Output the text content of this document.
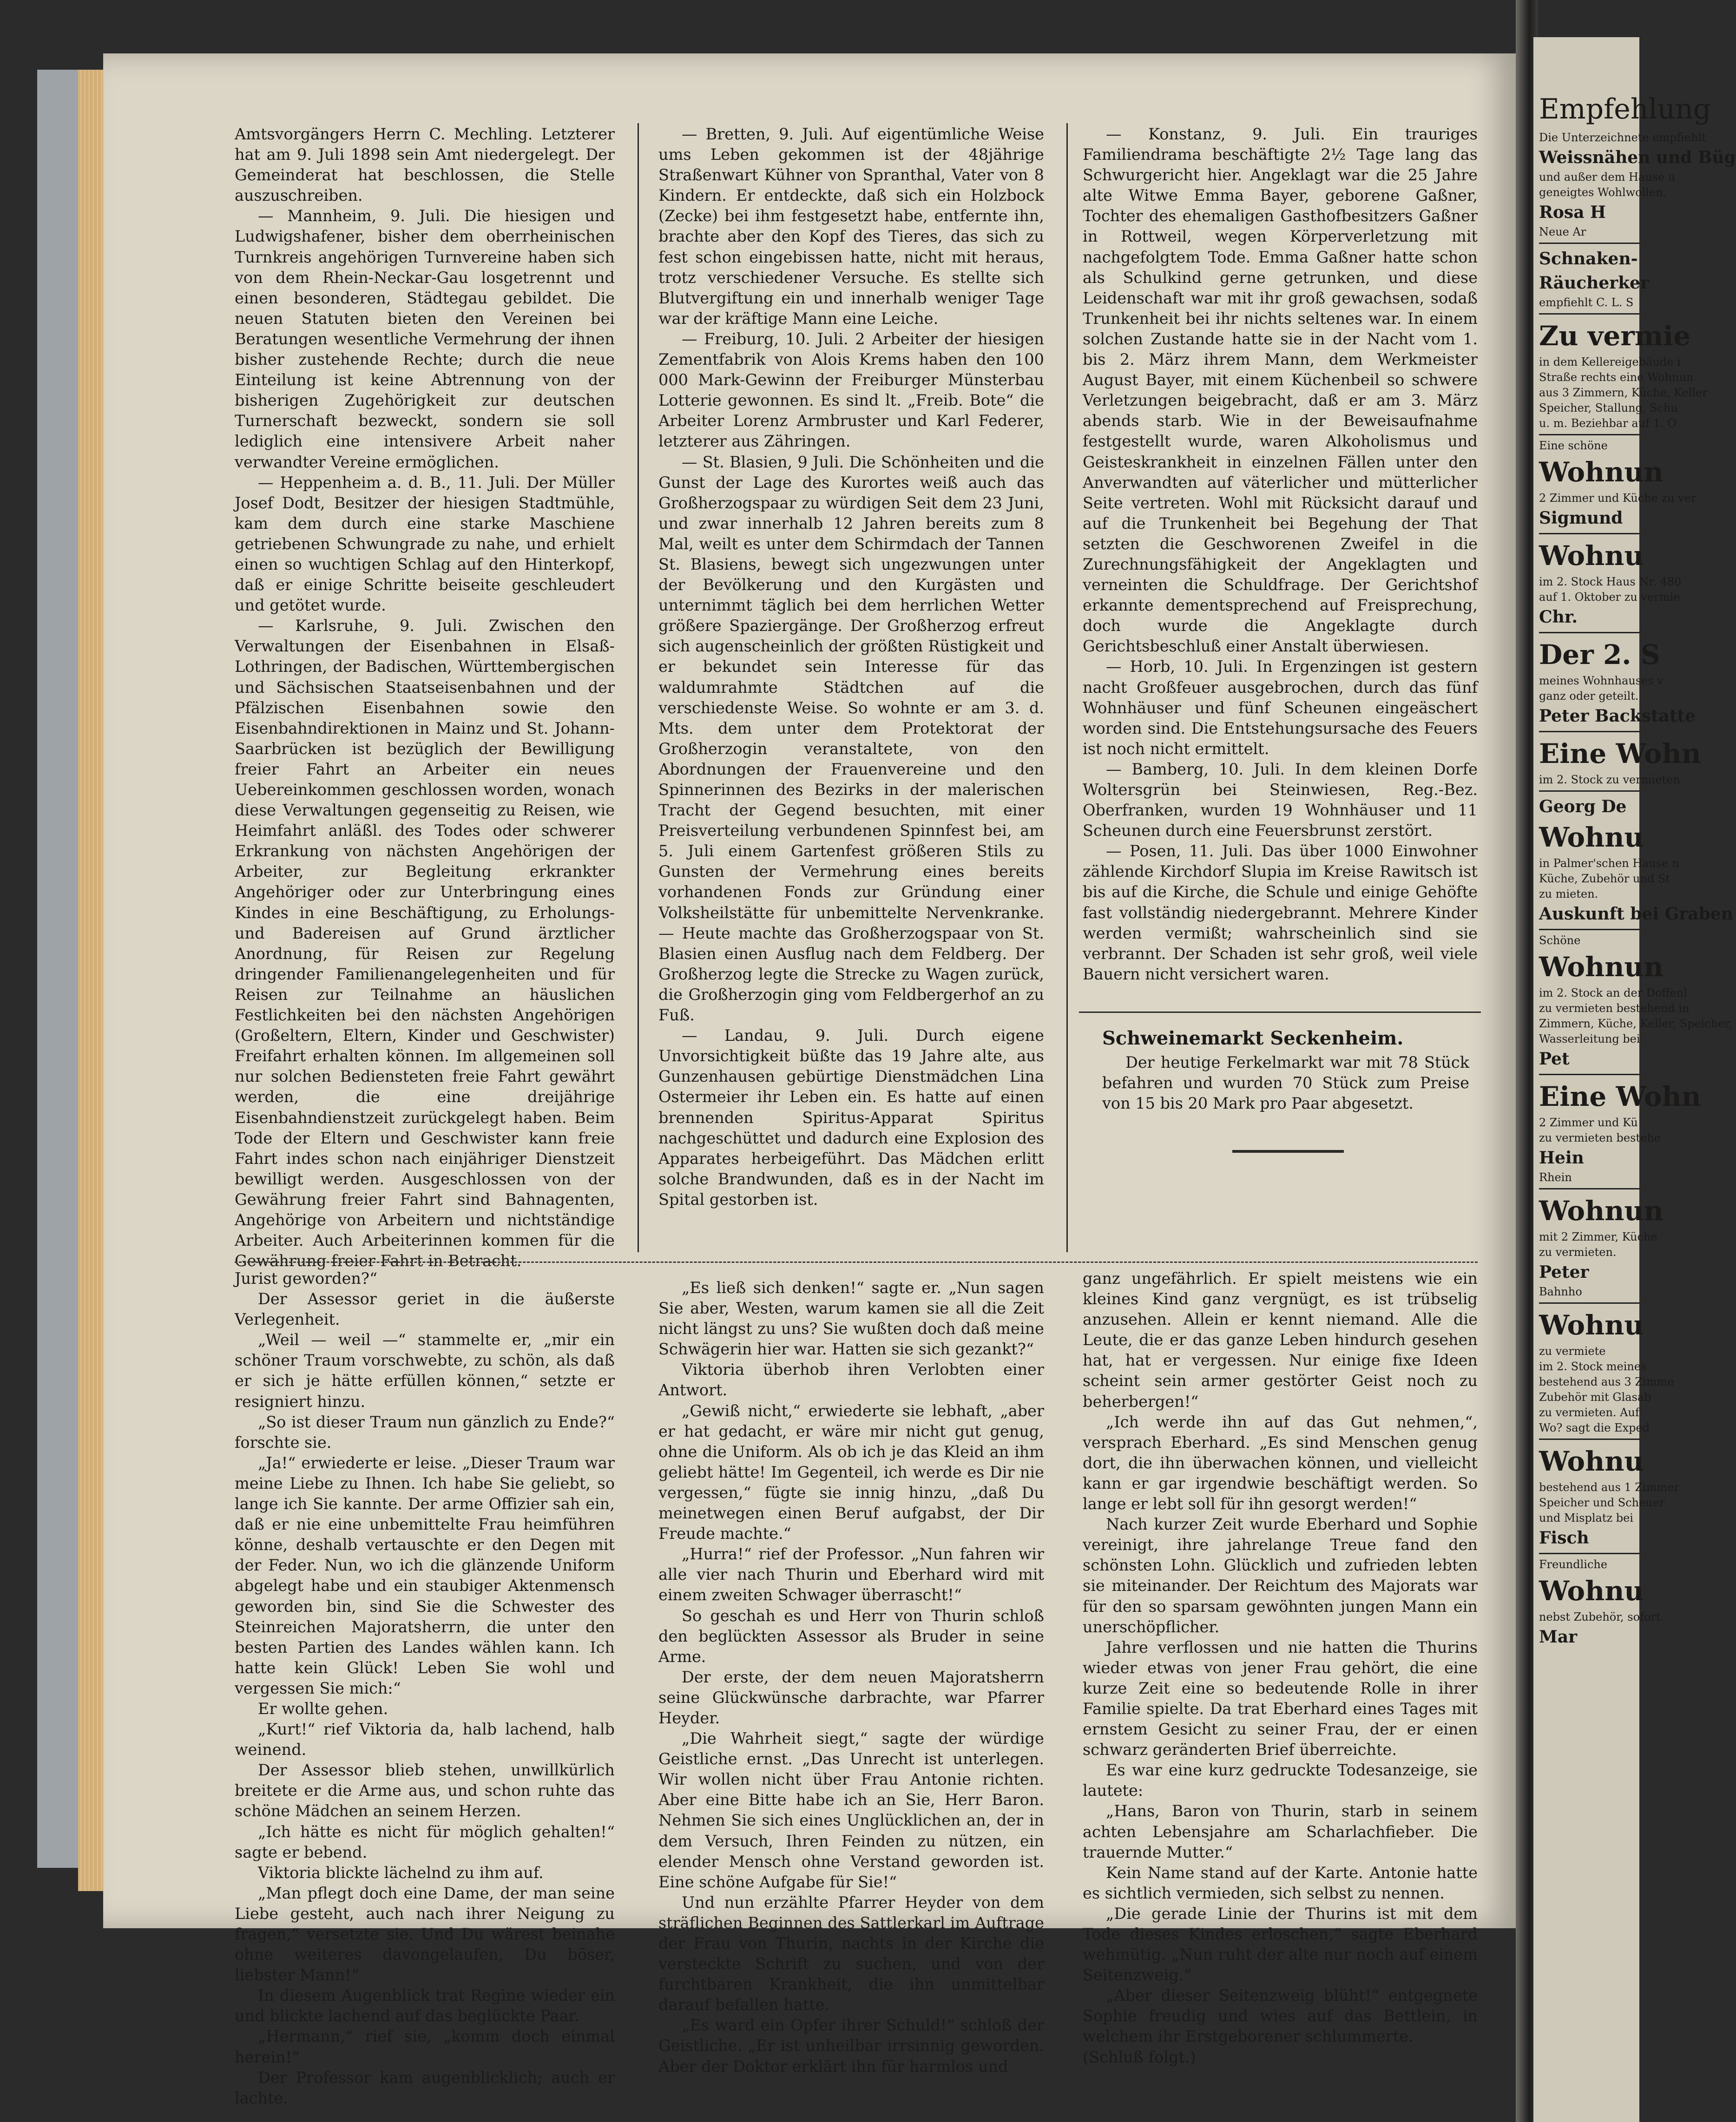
Amtsvorgängers Herrn C. Mechling. Letzterer hat am 9. Juli 1898 sein Amt niedergelegt. Der Gemeinderat hat beschlossen, die Stelle auszuschreiben.

— Mannheim, 9. Juli. Die hiesigen und Ludwigshafener, bisher dem oberrheinischen Turnkreis angehörigen Turnvereine haben sich von dem Rhein-Neckar-Gau losgetrennt und einen besonderen, Städtegau gebildet. Die neuen Statuten bieten den Vereinen bei Beratungen wesentliche Vermehrung der ihnen bisher zustehende Rechte; durch die neue Einteilung ist keine Abtrennung von der bisherigen Zugehörigkeit zur deutschen Turnerschaft bezweckt, sondern sie soll lediglich eine intensivere Arbeit naher verwandter Vereine ermöglichen.

— Heppenheim a. d. B., 11. Juli. Der Müller Josef Dodt, Besitzer der hiesigen Stadtmühle, kam dem durch eine starke Maschiene getriebenen Schwungrade zu nahe, und erhielt einen so wuchtigen Schlag auf den Hinterkopf, daß er einige Schritte beiseite geschleudert und getötet wurde.

— Karlsruhe, 9. Juli. Zwischen den Verwaltungen der Eisenbahnen in Elsaß-Lothringen, der Badischen, Württembergischen und Sächsischen Staatseisenbahnen und der Pfälzischen Eisenbahnen sowie den Eisenbahndirektionen in Mainz und St. Johann-Saarbrücken ist bezüglich der Bewilligung freier Fahrt an Arbeiter ein neues Uebereinkommen geschlossen worden, wonach diese Verwaltungen gegenseitig zu Reisen, wie Heimfahrt anläßl. des Todes oder schwerer Erkrankung von nächsten Angehörigen der Arbeiter, zur Begleitung erkrankter Angehöriger oder zur Unterbringung eines Kindes in eine Beschäftigung, zu Erholungs- und Badereisen auf Grund ärztlicher Anordnung, für Reisen zur Regelung dringender Familienangelegenheiten und für Reisen zur Teilnahme an häuslichen Festlichkeiten bei den nächsten Angehörigen (Großeltern, Eltern, Kinder und Geschwister) Freifahrt erhalten können. Im allgemeinen soll nur solchen Bediensteten freie Fahrt gewährt werden, die eine dreijährige Eisenbahndienstzeit zurückgelegt haben. Beim Tode der Eltern und Geschwister kann freie Fahrt indes schon nach einjähriger Dienstzeit bewilligt werden. Ausgeschlossen von der Gewährung freier Fahrt sind Bahnagenten, Angehörige von Arbeitern und nichtständige Arbeiter. Auch Arbeiterinnen kommen für die Gewährung freier Fahrt in Betracht.

— Bretten, 9. Juli. Auf eigentümliche Weise ums Leben gekommen ist der 48jährige Straßenwart Kühner von Spranthal, Vater von 8 Kindern. Er entdeckte, daß sich ein Holzbock (Zecke) bei ihm festgesetzt habe, entfernte ihn, brachte aber den Kopf des Tieres, das sich zu fest schon eingebissen hatte, nicht mit heraus, trotz verschiedener Versuche. Es stellte sich Blutvergiftung ein und innerhalb weniger Tage war der kräftige Mann eine Leiche.

— Freiburg, 10. Juli. 2 Arbeiter der hiesigen Zementfabrik von Alois Krems haben den 100 000 Mark-Gewinn der Freiburger Münsterbau Lotterie gewonnen. Es sind lt. „Freib. Bote“ die Arbeiter Lorenz Armbruster und Karl Federer, letzterer aus Zähringen.

— St. Blasien, 9 Juli. Die Schönheiten und die Gunst der Lage des Kurortes weiß auch das Großherzogspaar zu würdigen Seit dem 23 Juni, und zwar innerhalb 12 Jahren bereits zum 8 Mal, weilt es unter dem Schirmdach der Tannen St. Blasiens, bewegt sich ungezwungen unter der Bevölkerung und den Kurgästen und unternimmt täglich bei dem herrlichen Wetter größere Spaziergänge. Der Großherzog erfreut sich augenscheinlich der größten Rüstigkeit und er bekundet sein Interesse für das waldumrahmte Städtchen auf die verschiedenste Weise. So wohnte er am 3. d. Mts. dem unter dem Protektorat der Großherzogin veranstaltete, von den Abordnungen der Frauenvereine und den Spinnerinnen des Bezirks in der malerischen Tracht der Gegend besuchten, mit einer Preisverteilung verbundenen Spinnfest bei, am 5. Juli einem Gartenfest größeren Stils zu Gunsten der Vermehrung eines bereits vorhandenen Fonds zur Gründung einer Volksheilstätte für unbemittelte Nervenkranke. — Heute machte das Großherzogspaar von St. Blasien einen Ausflug nach dem Feldberg. Der Großherzog legte die Strecke zu Wagen zurück, die Großherzogin ging vom Feldbergerhof an zu Fuß.

— Landau, 9. Juli. Durch eigene Unvorsichtigkeit büßte das 19 Jahre alte, aus Gunzenhausen gebürtige Dienstmädchen Lina Ostermeier ihr Leben ein. Es hatte auf einen brennenden Spiritus-Apparat Spiritus nachgeschüttet und dadurch eine Explosion des Apparates herbeigeführt. Das Mädchen erlitt solche Brandwunden, daß es in der Nacht im Spital gestorben ist.

— Konstanz, 9. Juli. Ein trauriges Familiendrama beschäftigte 2½ Tage lang das Schwurgericht hier. Angeklagt war die 25 Jahre alte Witwe Emma Bayer, geborene Gaßner, Tochter des ehemaligen Gasthofbesitzers Gaßner in Rottweil, wegen Körperverletzung mit nachgefolgtem Tode. Emma Gaßner hatte schon als Schulkind gerne getrunken, und diese Leidenschaft war mit ihr groß gewachsen, sodaß Trunkenheit bei ihr nichts seltenes war. In einem solchen Zustande hatte sie in der Nacht vom 1. bis 2. März ihrem Mann, dem Werkmeister August Bayer, mit einem Küchenbeil so schwere Verletzungen beigebracht, daß er am 3. März abends starb. Wie in der Beweisaufnahme festgestellt wurde, waren Alkoholismus und Geisteskrankheit in einzelnen Fällen unter den Anverwandten auf väterlicher und mütterlicher Seite vertreten. Wohl mit Rücksicht darauf und auf die Trunkenheit bei Begehung der That setzten die Geschworenen Zweifel in die Zurechnungsfähigkeit der Angeklagten und verneinten die Schuldfrage. Der Gerichtshof erkannte dementsprechend auf Freisprechung, doch wurde die Angeklagte durch Gerichtsbeschluß einer Anstalt überwiesen.

— Horb, 10. Juli. In Ergenzingen ist gestern nacht Großfeuer ausgebrochen, durch das fünf Wohnhäuser und fünf Scheunen eingeäschert worden sind. Die Entstehungsursache des Feuers ist noch nicht ermittelt.

— Bamberg, 10. Juli. In dem kleinen Dorfe Woltersgrün bei Steinwiesen, Reg.-Bez. Oberfranken, wurden 19 Wohnhäuser und 11 Scheunen durch eine Feuersbrunst zerstört.

— Posen, 11. Juli. Das über 1000 Einwohner zählende Kirchdorf Slupia im Kreise Rawitsch ist bis auf die Kirche, die Schule und einige Gehöfte fast vollständig niedergebrannt. Mehrere Kinder werden vermißt; wahrscheinlich sind sie verbrannt. Der Schaden ist sehr groß, weil viele Bauern nicht versichert waren.

Schweinemarkt Seckenheim.

Der heutige Ferkelmarkt war mit 78 Stück befahren und wurden 70 Stück zum Preise von 15 bis 20 Mark pro Paar abgesetzt.

Jurist geworden?“

Der Assessor geriet in die äußerste Verlegenheit.

„Weil — weil —“ stammelte er, „mir ein schöner Traum vorschwebte, zu schön, als daß er sich je hätte erfüllen können,“ setzte er resigniert hinzu.

„So ist dieser Traum nun gänzlich zu Ende?“ forschte sie.

„Ja!“ erwiederte er leise. „Dieser Traum war meine Liebe zu Ihnen. Ich habe Sie geliebt, so lange ich Sie kannte. Der arme Offizier sah ein, daß er nie eine unbemittelte Frau heimführen könne, deshalb vertauschte er den Degen mit der Feder. Nun, wo ich die glänzende Uniform abgelegt habe und ein staubiger Aktenmensch geworden bin, sind Sie die Schwester des Steinreichen Majoratsherrn, die unter den besten Partien des Landes wählen kann. Ich hatte kein Glück! Leben Sie wohl und vergessen Sie mich:“

Er wollte gehen.

„Kurt!“ rief Viktoria da, halb lachend, halb weinend.

Der Assessor blieb stehen, unwillkürlich breitete er die Arme aus, und schon ruhte das schöne Mädchen an seinem Herzen.

„Ich hätte es nicht für möglich gehalten!“ sagte er bebend.

Viktoria blickte lächelnd zu ihm auf.

„Man pflegt doch eine Dame, der man seine Liebe gesteht, auch nach ihrer Neigung zu fragen,“ versetzte sie. Und Du wärest beinahe ohne weiteres davongelaufen, Du böser, liebster Mann!“

In diesem Augenblick trat Regine wieder ein und blickte lachend auf das beglückte Paar.

„Hermann,“ rief sie, „komm doch einmal herein!“

Der Professor kam augenblicklich; auch er lachte.

„Es ließ sich denken!“ sagte er. „Nun sagen Sie aber, Westen, warum kamen sie all die Zeit nicht längst zu uns? Sie wußten doch daß meine Schwägerin hier war. Hatten sie sich gezankt?“

Viktoria überhob ihren Verlobten einer Antwort.

„Gewiß nicht,“ erwiederte sie lebhaft, „aber er hat gedacht, er wäre mir nicht gut genug, ohne die Uniform. Als ob ich je das Kleid an ihm geliebt hätte! Im Gegenteil, ich werde es Dir nie vergessen,“ fügte sie innig hinzu, „daß Du meinetwegen einen Beruf aufgabst, der Dir Freude machte.“

„Hurra!“ rief der Professor. „Nun fahren wir alle vier nach Thurin und Eberhard wird mit einem zweiten Schwager überrascht!“

So geschah es und Herr von Thurin schloß den beglückten Assessor als Bruder in seine Arme.

Der erste, der dem neuen Majoratsherrn seine Glückwünsche darbrachte, war Pfarrer Heyder.

„Die Wahrheit siegt,“ sagte der würdige Geistliche ernst. „Das Unrecht ist unterlegen. Wir wollen nicht über Frau Antonie richten. Aber eine Bitte habe ich an Sie, Herr Baron. Nehmen Sie sich eines Unglücklichen an, der in dem Versuch, Ihren Feinden zu nützen, ein elender Mensch ohne Verstand geworden ist. Eine schöne Aufgabe für Sie!“

Und nun erzählte Pfarrer Heyder von dem sträflichen Beginnen des Sattlerkarl im Auftrage der Frau von Thurin, nachts in der Kirche die versteckte Schrift zu suchen, und von der furchtbaren Krankheit, die ihn unmittelbar darauf befallen hatte.

„Es ward ein Opfer ihrer Schuld!“ schloß der Geistliche. „Er ist unheilbar irrsinnig geworden. Aber der Doktor erklärt ihn für harmlos und

ganz ungefährlich. Er spielt meistens wie ein kleines Kind ganz vergnügt, es ist trübselig anzusehen. Allein er kennt niemand. Alle die Leute, die er das ganze Leben hindurch gesehen hat, hat er vergessen. Nur einige fixe Ideen scheint sein armer gestörter Geist noch zu beherbergen!“

„Ich werde ihn auf das Gut nehmen,“, versprach Eberhard. „Es sind Menschen genug dort, die ihn überwachen können, und vielleicht kann er gar irgendwie beschäftigt werden. So lange er lebt soll für ihn gesorgt werden!“

Nach kurzer Zeit wurde Eberhard und Sophie vereinigt, ihre jahrelange Treue fand den schönsten Lohn. Glücklich und zufrieden lebten sie miteinander. Der Reichtum des Majorats war für den so sparsam gewöhnten jungen Mann ein unerschöpflicher.

Jahre verflossen und nie hatten die Thurins wieder etwas von jener Frau gehört, die eine kurze Zeit eine so bedeutende Rolle in ihrer Familie spielte. Da trat Eberhard eines Tages mit ernstem Gesicht zu seiner Frau, der er einen schwarz geränderten Brief überreichte.

Es war eine kurz gedruckte Todesanzeige, sie lautete:

„Hans, Baron von Thurin, starb in seinem achten Lebensjahre am Scharlachfieber. Die trauernde Mutter.“

Kein Name stand auf der Karte. Antonie hatte es sichtlich vermieden, sich selbst zu nennen.

„Die gerade Linie der Thurins ist mit dem Tode dieses Kindes erloschen,“ sagte Eberhard wehmütig. „Nun ruht der alte nur noch auf einem Seitenzweig.“

„Aber dieser Seitenzweig blüht!“ entgegnete Sophie freudig und wies auf das Bettlein, in welchem ihr Erstgeborener schlummerte.

(Schluß folgt.)

Empfehlung
Die Unterzeichnete empfiehlt
Weissnähen und Büg
und außer dem Hause u
geneigtes Wohlwollen.
Rosa H
Neue Ar
Schnaken-
Räucherker
empfiehlt C. L. S
Zu vermie
in dem Kellereigebäude i
Straße rechts eine Wohnun
aus 3 Zimmern, Küche, Keller
Speicher, Stallung, Schu
u. m. Beziehbar auf 1. O
Eine schöne
Wohnun
2 Zimmer und Küche zu ver
Sigmund
Wohnu
im 2. Stock Haus Nr. 480
auf 1. Oktober zu vermie
Chr.
Der 2. S
meines Wohnhauses v
ganz oder geteilt.
Peter Backstatte
Eine Wohn
im 2. Stock zu vermieten
Georg De
Wohnu
in Palmer'schen Hause n
Küche, Zubehör und St
zu mieten.
Auskunft bei Graben
Schöne
Wohnun
im 2. Stock an der Doffenl
zu vermieten bestehend in
Zimmern, Küche, Keller, Speicher,
Wasserleitung bei
Pet
Eine Wohn
2 Zimmer und Kü
zu vermieten bestehe
Hein
Rhein
Wohnun
mit 2 Zimmer, Küche
zu vermieten.
Peter
Bahnho
Wohnu
zu vermiete
im 2. Stock meines
bestehend aus 3 Zimme
Zubehör mit Glasab
zu vermieten. Auf
Wo? sagt die Exped
Wohnu
bestehend aus 1 Zimmer
Speicher und Scheuer
und Misplatz bei
Fisch
Freundliche
Wohnu
nebst Zubehör, sofort
Mar
